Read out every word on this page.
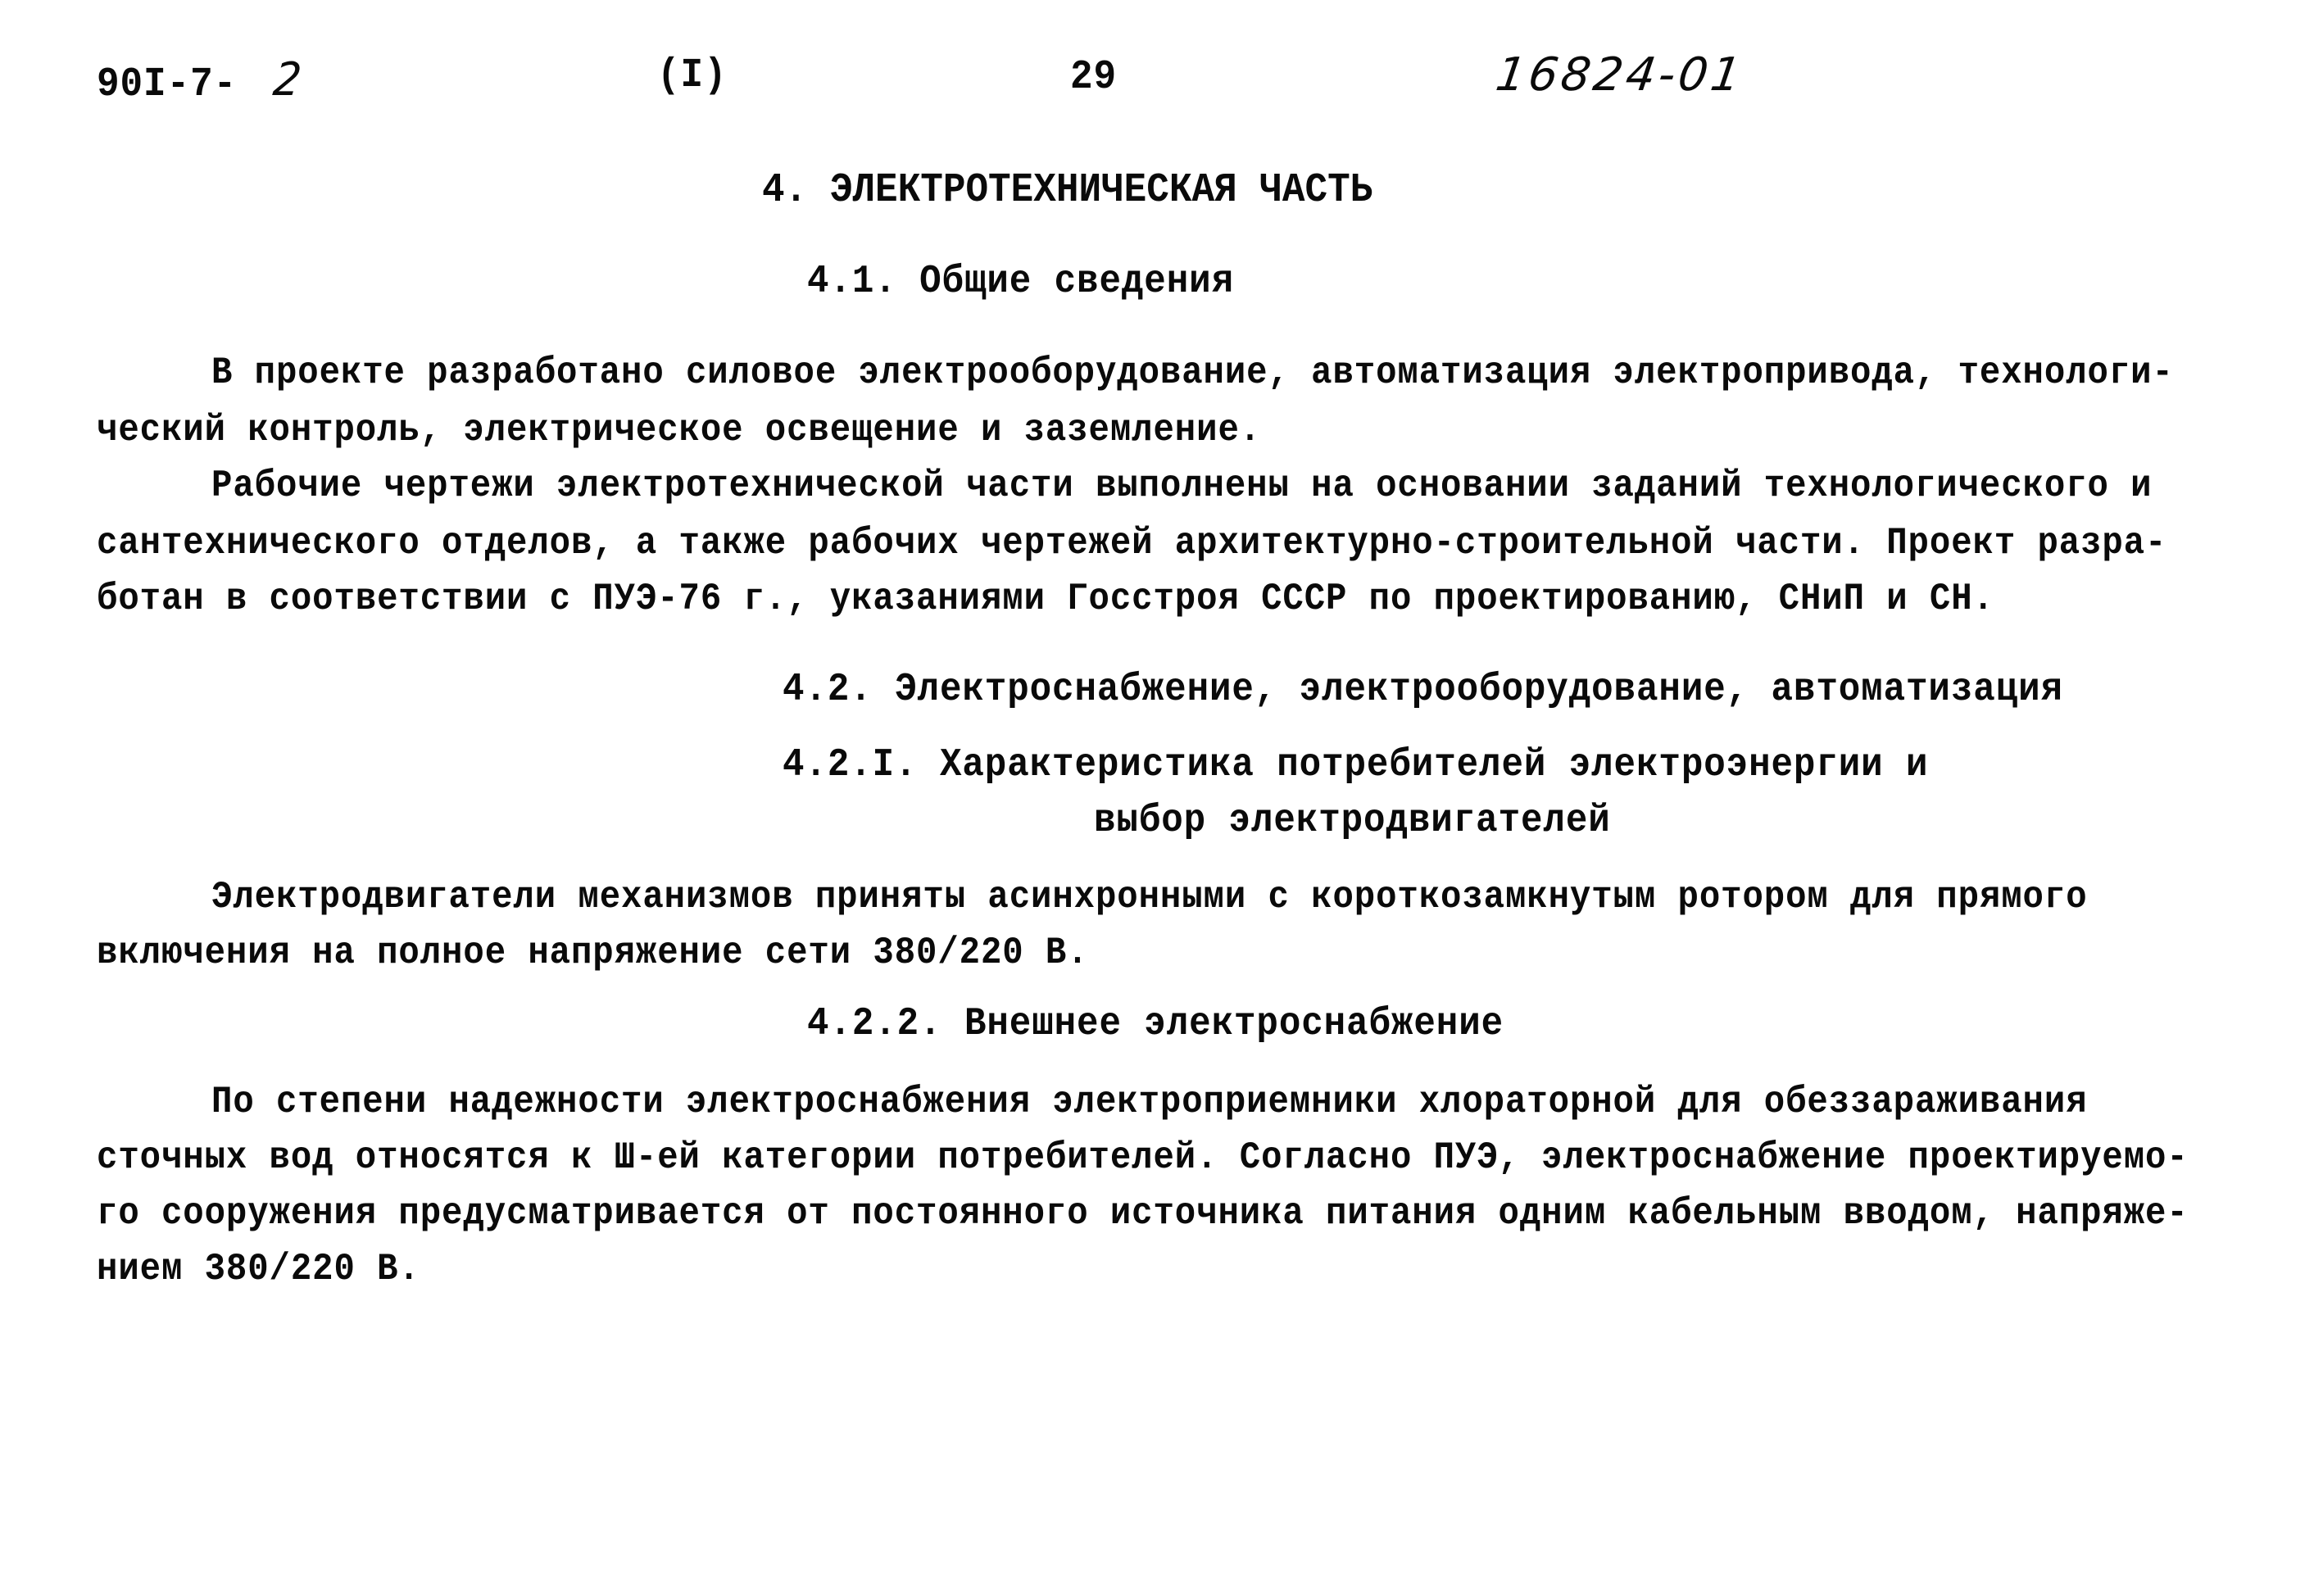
90I-7- 2	(I)	29	16824-01
4. ЭЛЕКТРОТЕХНИЧЕСКАЯ ЧАСТЬ
4.1. Общие сведения
В проекте разработано силовое электрооборудование, автоматизация электропривода, технологи-
ческий контроль, электрическое освещение и заземление.
Рабочие чертежи электротехнической части выполнены на основании заданий технологического и
сантехнического отделов, а также рабочих чертежей архитектурно-строительной части. Проект разра-
ботан в соответствии с ПУЭ-76 г., указаниями Госстроя СССР по проектированию, СНиП и СН.
4.2. Электроснабжение, электрооборудование, автоматизация
4.2.I. Характеристика потребителей электроэнергии и
выбор электродвигателей
Электродвигатели механизмов приняты асинхронными с короткозамкнутым ротором для прямого
включения на полное напряжение сети 380/220 В.
4.2.2. Внешнее электроснабжение
По степени надежности электроснабжения электроприемники хлораторной для обеззараживания
сточных вод относятся к Ш-ей категории потребителей. Согласно ПУЭ, электроснабжение проектируемо-
го сооружения предусматривается от постоянного источника питания одним кабельным вводом, напряже-
нием 380/220 В.
